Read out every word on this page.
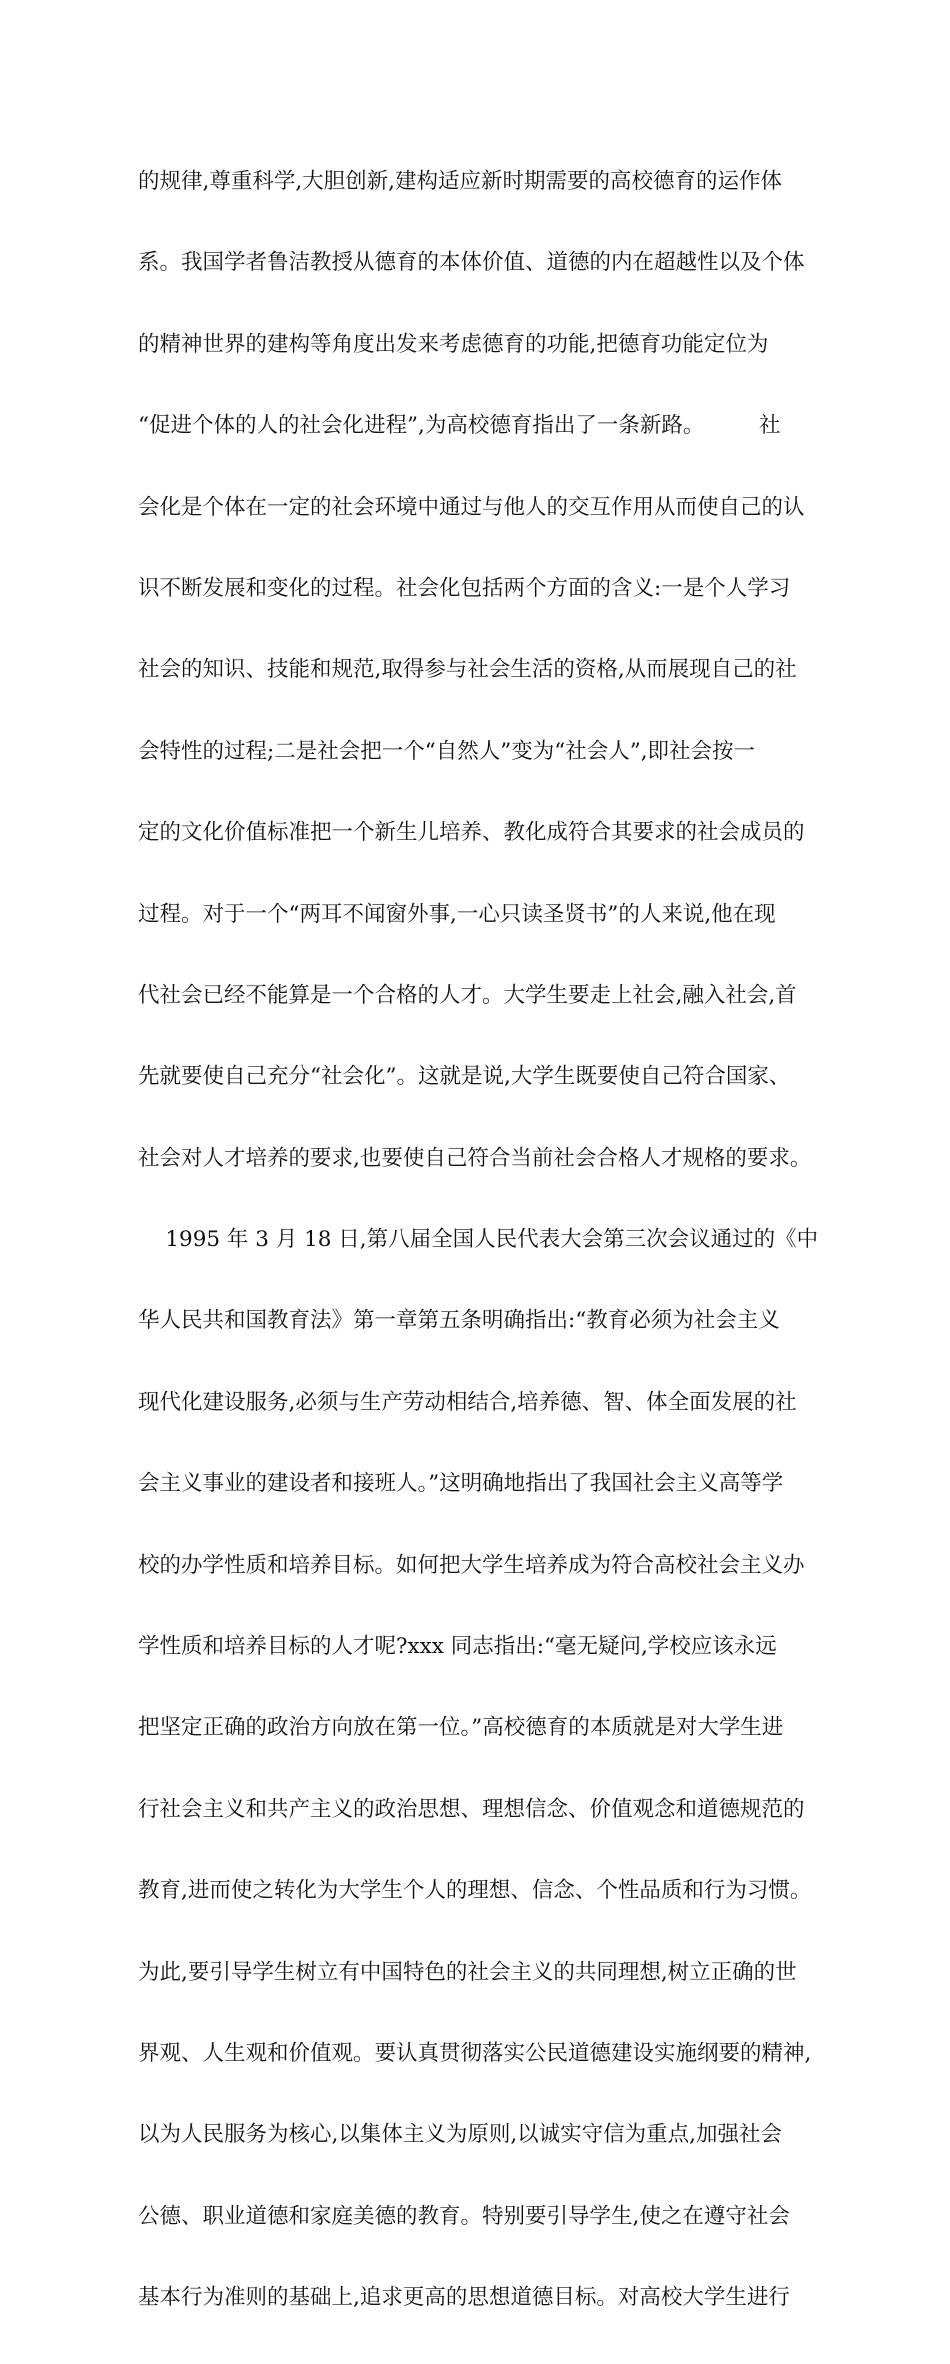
的规律,尊重科学,大胆创新,建构适应新时期需要的高校德育的运作体

系。我国学者鲁洁教授从德育的本体价值、道德的内在超越性以及个体

的精神世界的建构等角度出发来考虑德育的功能,把德育功能定位为

“促进个体的人的社会化进程”,为高校德育指出了一条新路。        社

会化是个体在一定的社会环境中通过与他人的交互作用从而使自己的认

识不断发展和变化的过程。社会化包括两个方面的含义:一是个人学习

社会的知识、技能和规范,取得参与社会生活的资格,从而展现自己的社

会特性的过程;二是社会把一个“自然人”变为“社会人”,即社会按一

定的文化价值标准把一个新生儿培养、教化成符合其要求的社会成员的

过程。对于一个“两耳不闻窗外事,一心只读圣贤书”的人来说,他在现

代社会已经不能算是一个合格的人才。大学生要走上社会,融入社会,首

先就要使自己充分“社会化”。这就是说,大学生既要使自己符合国家、

社会对人才培养的要求,也要使自己符合当前社会合格人才规格的要求。

1995 年 3 月 18 日,第八届全国人民代表大会第三次会议通过的《中

华人民共和国教育法》第一章第五条明确指出:“教育必须为社会主义

现代化建设服务,必须与生产劳动相结合,培养德、智、体全面发展的社

会主义事业的建设者和接班人。”这明确地指出了我国社会主义高等学

校的办学性质和培养目标。如何把大学生培养成为符合高校社会主义办

学性质和培养目标的人才呢?xxx 同志指出:“毫无疑问,学校应该永远

把坚定正确的政治方向放在第一位。”高校德育的本质就是对大学生进

行社会主义和共产主义的政治思想、理想信念、价值观念和道德规范的

教育,进而使之转化为大学生个人的理想、信念、个性品质和行为习惯。

为此,要引导学生树立有中国特色的社会主义的共同理想,树立正确的世

界观、人生观和价值观。要认真贯彻落实公民道德建设实施纲要的精神,

以为人民服务为核心,以集体主义为原则,以诚实守信为重点,加强社会

公德、职业道德和家庭美德的教育。特别要引导学生,使之在遵守社会

基本行为准则的基础上,追求更高的思想道德目标。对高校大学生进行
